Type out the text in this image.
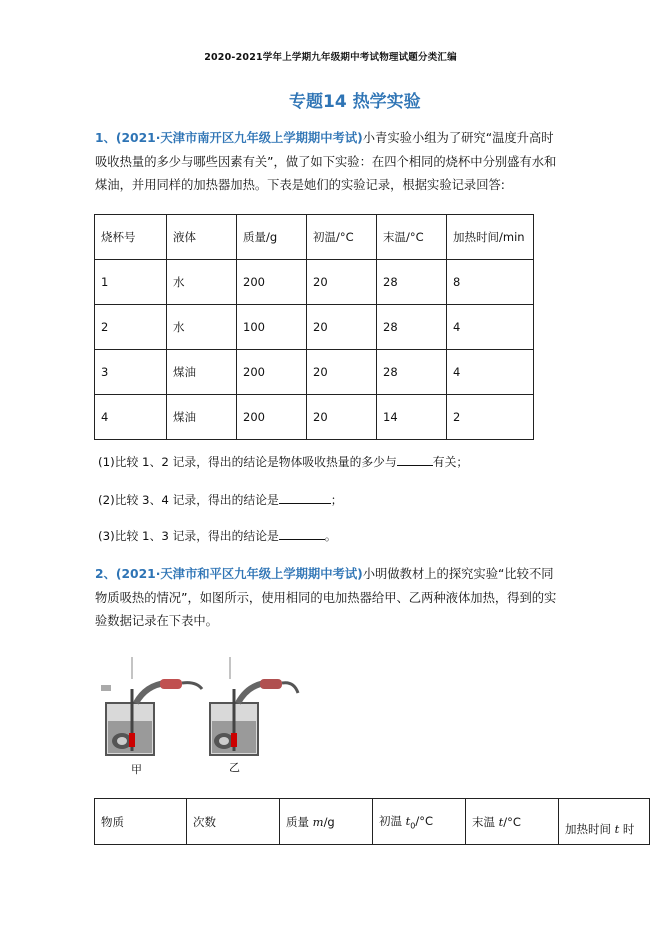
2020-2021学年上学期九年级期中考试物理试题分类汇编
专题14 热学实验
1、(2021·天津市南开区九年级上学期期中考试)小青实验小组为了研究“温度升高时吸收热量的多少与哪些因素有关”，做了如下实验：在四个相同的烧杯中分别盛有水和煤油，并用同样的加热器加热。下表是她们的实验记录，根据实验记录回答:
烧杯号	液体	质量/g	初温/°C	末温/°C	加热时间/min
1	水	200	20	28	8
2	水	100	20	28	4
3	煤油	200	20	28	4
4	煤油	200	20	14	2
(1)比较 1、2 记录，得出的结论是物体吸收热量的多少与	有关；
(2)比较 3、4 记录，得出的结论是	；
(3)比较 1、3 记录，得出的结论是	。
2、(2021·天津市和平区九年级上学期期中考试)小明做教材上的探究实验“比较不同物质吸热的情况”，如图所示，使用相同的电加热器给甲、乙两种液体加热，得到的实验数据记录在下表中。
甲	乙
物质	次数	质量 m/g	初温 $t_0/^\circ C$	末温 t/°C	加热时间 t 时
